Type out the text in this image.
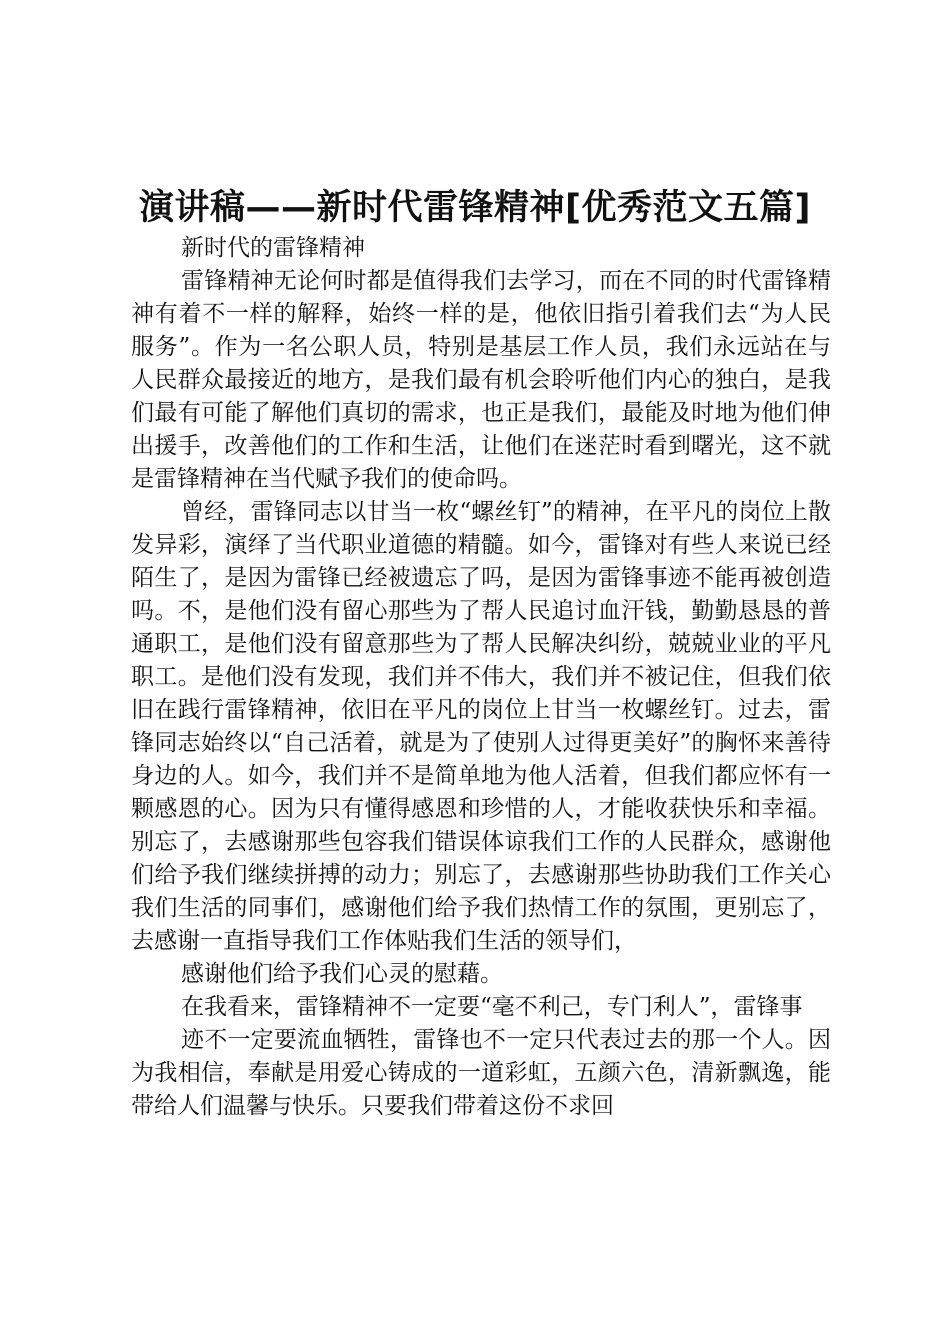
演讲稿——新时代雷锋精神[优秀范文五篇]

新时代的雷锋精神

雷锋精神无论何时都是值得我们去学习，而在不同的时代雷锋精神有着不一样的解释，始终一样的是，他依旧指引着我们去“为人民服务”。作为一名公职人员，特别是基层工作人员，我们永远站在与人民群众最接近的地方，是我们最有机会聆听他们内心的独白，是我们最有可能了解他们真切的需求，也正是我们，最能及时地为他们伸出援手，改善他们的工作和生活，让他们在迷茫时看到曙光，这不就是雷锋精神在当代赋予我们的使命吗。

曾经，雷锋同志以甘当一枚“螺丝钉”的精神，在平凡的岗位上散发异彩，演绎了当代职业道德的精髓。如今，雷锋对有些人来说已经陌生了，是因为雷锋已经被遗忘了吗，是因为雷锋事迹不能再被创造吗。不，是他们没有留心那些为了帮人民追讨血汗钱，勤勤恳恳的普通职工，是他们没有留意那些为了帮人民解决纠纷，兢兢业业的平凡职工。是他们没有发现，我们并不伟大，我们并不被记住，但我们依旧在践行雷锋精神，依旧在平凡的岗位上甘当一枚螺丝钉。过去，雷锋同志始终以“自己活着，就是为了使别人过得更美好”的胸怀来善待身边的人。如今，我们并不是简单地为他人活着，但我们都应怀有一颗感恩的心。因为只有懂得感恩和珍惜的人，才能收获快乐和幸福。别忘了，去感谢那些包容我们错误体谅我们工作的人民群众，感谢他们给予我们继续拼搏的动力；别忘了，去感谢那些协助我们工作关心我们生活的同事们，感谢他们给予我们热情工作的氛围，更别忘了，去感谢一直指导我们工作体贴我们生活的领导们，

感谢他们给予我们心灵的慰藉。

在我看来，雷锋精神不一定要“毫不利己，专门利人”，雷锋事

迹不一定要流血牺牲，雷锋也不一定只代表过去的那一个人。因为我相信，奉献是用爱心铸成的一道彩虹，五颜六色，清新飘逸，能带给人们温馨与快乐。只要我们带着这份不求回
